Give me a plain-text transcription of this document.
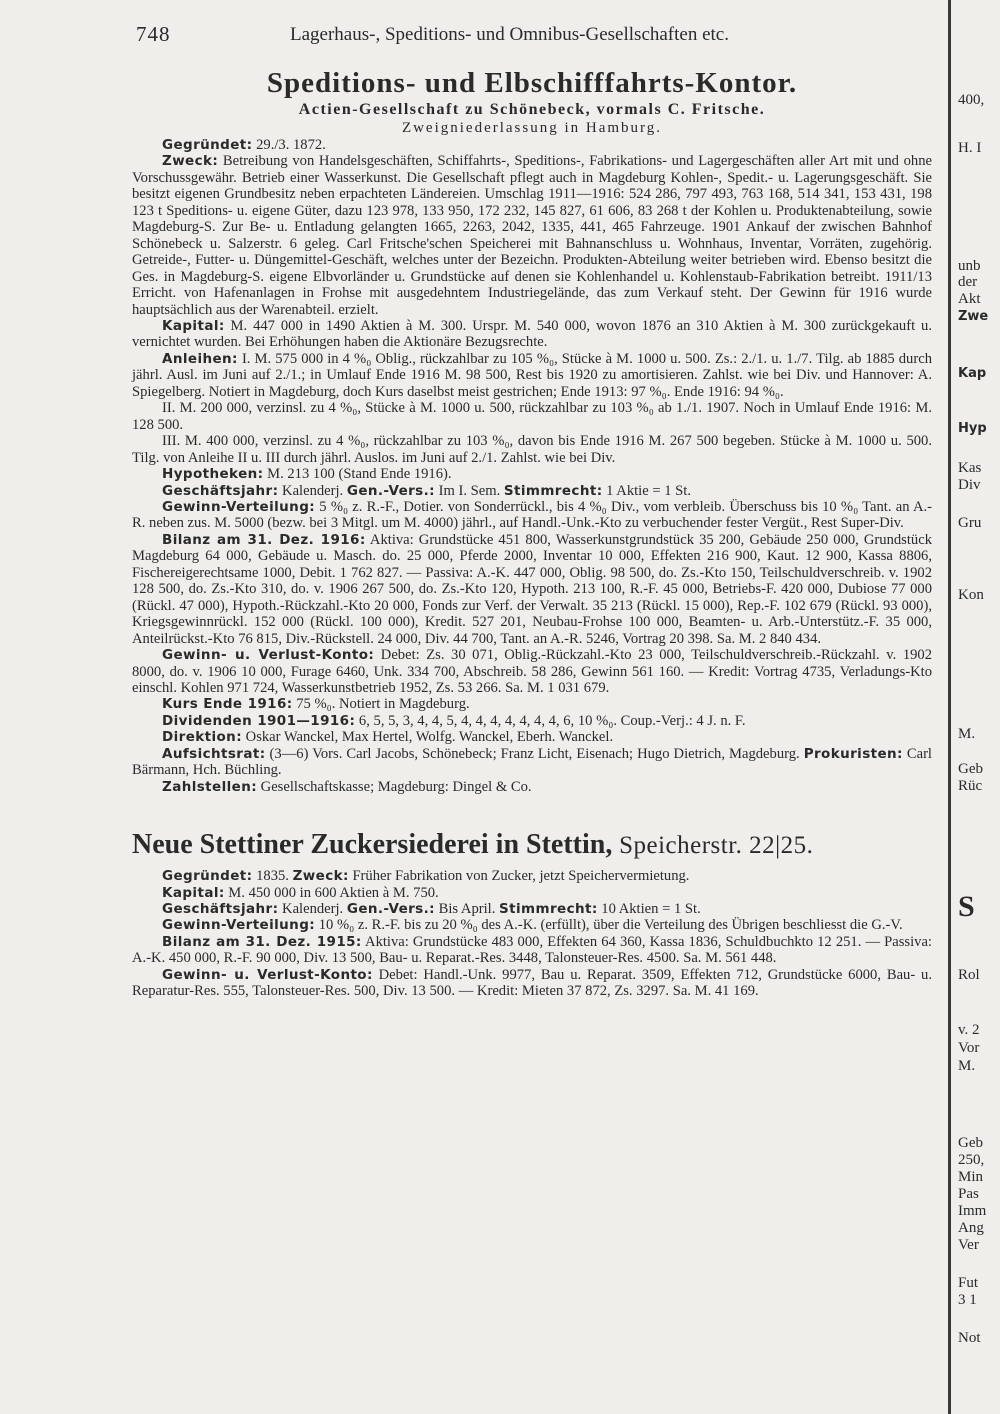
748	Lagerhaus-, Speditions- und Omnibus-Gesellschaften etc.
Speditions- und Elbschifffahrts-Kontor.
Actien-Gesellschaft zu Schönebeck, vormals C. Fritsche.
Zweigniederlassung in Hamburg.

Gegründet: 29./3. 1872.

Zweck: Betreibung von Handelsgeschäften, Schiffahrts-, Speditions-, Fabrikations- und Lagergeschäften aller Art mit und ohne Vorschussgewähr. Betrieb einer Wasserkunst. Die Gesellschaft pflegt auch in Magdeburg Kohlen-, Spedit.- u. Lagerungsgeschäft. Sie besitzt eigenen Grundbesitz neben erpachteten Ländereien. Umschlag 1911—1916: 524 286, 797 493, 763 168, 514 341, 153 431, 198 123 t Speditions- u. eigene Güter, dazu 123 978, 133 950, 172 232, 145 827, 61 606, 83 268 t der Kohlen u. Produktenabteilung, sowie Magdeburg-S. Zur Be- u. Entladung gelangten 1665, 2263, 2042, 1335, 441, 465 Fahrzeuge. 1901 Ankauf der zwischen Bahnhof Schönebeck u. Salzerstr. 6 geleg. Carl Fritsche'schen Speicherei mit Bahnanschluss u. Wohnhaus, Inventar, Vorräten, zugehörig. Getreide-, Futter- u. Düngemittel-Geschäft, welches unter der Bezeichn. Produkten-Abteilung weiter betrieben wird. Ebenso besitzt die Ges. in Magdeburg-S. eigene Elbvorländer u. Grundstücke auf denen sie Kohlenhandel u. Kohlenstaub-Fabrikation betreibt. 1911/13 Erricht. von Hafenanlagen in Frohse mit ausgedehntem Industriegelände, das zum Verkauf steht. Der Gewinn für 1916 wurde hauptsächlich aus der Warenabteil. erzielt.

Kapital: M. 447 000 in 1490 Aktien à M. 300. Urspr. M. 540 000, wovon 1876 an 310 Aktien à M. 300 zurückgekauft u. vernichtet wurden. Bei Erhöhungen haben die Aktionäre Bezugsrechte.

Anleihen: I. M. 575 000 in 4 %₀ Oblig., rückzahlbar zu 105 %₀, Stücke à M. 1000 u. 500. Zs.: 2./1. u. 1./7. Tilg. ab 1885 durch jährl. Ausl. im Juni auf 2./1.; in Umlauf Ende 1916 M. 98 500, Rest bis 1920 zu amortisieren. Zahlst. wie bei Div. und Hannover: A. Spiegelberg. Notiert in Magdeburg, doch Kurs daselbst meist gestrichen; Ende 1913: 97 %₀. Ende 1916: 94 %₀.

II. M. 200 000, verzinsl. zu 4 %₀, Stücke à M. 1000 u. 500, rückzahlbar zu 103 %₀ ab 1./1. 1907. Noch in Umlauf Ende 1916: M. 128 500.

III. M. 400 000, verzinsl. zu 4 %₀, rückzahlbar zu 103 %₀, davon bis Ende 1916 M. 267 500 begeben. Stücke à M. 1000 u. 500. Tilg. von Anleihe II u. III durch jährl. Auslos. im Juni auf 2./1. Zahlst. wie bei Div.

Hypotheken: M. 213 100 (Stand Ende 1916).

Geschäftsjahr: Kalenderj. Gen.-Vers.: Im I. Sem. Stimmrecht: 1 Aktie = 1 St.

Gewinn-Verteilung: 5 %₀ z. R.-F., Dotier. von Sonderrückl., bis 4 %₀ Div., vom verbleib. Überschuss bis 10 %₀ Tant. an A.-R. neben zus. M. 5000 (bezw. bei 3 Mitgl. um M. 4000) jährl., auf Handl.-Unk.-Kto zu verbuchender fester Vergüt., Rest Super-Div.

Bilanz am 31. Dez. 1916: Aktiva: Grundstücke 451 800, Wasserkunstgrundstück 35 200, Gebäude 250 000, Grundstück Magdeburg 64 000, Gebäude u. Masch. do. 25 000, Pferde 2000, Inventar 10 000, Effekten 216 900, Kaut. 12 900, Kassa 8806, Fischereigerechtsame 1000, Debit. 1 762 827. — Passiva: A.-K. 447 000, Oblig. 98 500, do. Zs.-Kto 150, Teilschuldverschreib. v. 1902 128 500, do. Zs.-Kto 310, do. v. 1906 267 500, do. Zs.-Kto 120, Hypoth. 213 100, R.-F. 45 000, Betriebs-F. 420 000, Dubiose 77 000 (Rückl. 47 000), Hypoth.-Rückzahl.-Kto 20 000, Fonds zur Verf. der Verwalt. 35 213 (Rückl. 15 000), Rep.-F. 102 679 (Rückl. 93 000), Kriegsgewinnrückl. 152 000 (Rückl. 100 000), Kredit. 527 201, Neubau-Frohse 100 000, Beamten- u. Arb.-Unterstütz.-F. 35 000, Anteilrückst.-Kto 76 815, Div.-Rückstell. 24 000, Div. 44 700, Tant. an A.-R. 5246, Vortrag 20 398. Sa. M. 2 840 434.

Gewinn- u. Verlust-Konto: Debet: Zs. 30 071, Oblig.-Rückzahl.-Kto 23 000, Teilschuldverschreib.-Rückzahl. v. 1902 8000, do. v. 1906 10 000, Furage 6460, Unk. 334 700, Abschreib. 58 286, Gewinn 561 160. — Kredit: Vortrag 4735, Verladungs-Kto einschl. Kohlen 971 724, Wasserkunstbetrieb 1952, Zs. 53 266. Sa. M. 1 031 679.

Kurs Ende 1916: 75 %₀. Notiert in Magdeburg.

Dividenden 1901—1916: 6, 5, 5, 3, 4, 4, 5, 4, 4, 4, 4, 4, 4, 4, 6, 10 %₀. Coup.-Verj.: 4 J. n. F.

Direktion: Oskar Wanckel, Max Hertel, Wolfg. Wanckel, Eberh. Wanckel.

Aufsichtsrat: (3—6) Vors. Carl Jacobs, Schönebeck; Franz Licht, Eisenach; Hugo Dietrich, Magdeburg. Prokuristen: Carl Bärmann, Hch. Büchling.

Zahlstellen: Gesellschaftskasse; Magdeburg: Dingel & Co.

Neue Stettiner Zuckersiederei in Stettin, Speicherstr. 22|25.

Gegründet: 1835. Zweck: Früher Fabrikation von Zucker, jetzt Speichervermietung.

Kapital: M. 450 000 in 600 Aktien à M. 750.

Geschäftsjahr: Kalenderj. Gen.-Vers.: Bis April. Stimmrecht: 10 Aktien = 1 St.

Gewinn-Verteilung: 10 %₀ z. R.-F. bis zu 20 %₀ des A.-K. (erfüllt), über die Verteilung des Übrigen beschliesst die G.-V.

Bilanz am 31. Dez. 1915: Aktiva: Grundstücke 483 000, Effekten 64 360, Kassa 1836, Schuldbuchkto 12 251. — Passiva: A.-K. 450 000, R.-F. 90 000, Div. 13 500, Bau- u. Reparat.-Res. 3448, Talonsteuer-Res. 4500. Sa. M. 561 448.

Gewinn- u. Verlust-Konto: Debet: Handl.-Unk. 9977, Bau u. Reparat. 3509, Effekten 712, Grundstücke 6000, Bau- u. Reparatur-Res. 555, Talonsteuer-Res. 500, Div. 13 500. — Kredit: Mieten 37 872, Zs. 3297. Sa. M. 41 169.

400,
H. I
unb
der
Akt
Zwe
Kap
Hyp
Kas
Div
Gru
Kon
M.
Geb
Rüc
S
Rol
v. 2
Vor
M.
Geb
250,
Min
Pas
Imm
Ang
Ver
Fut
3 1
Not
